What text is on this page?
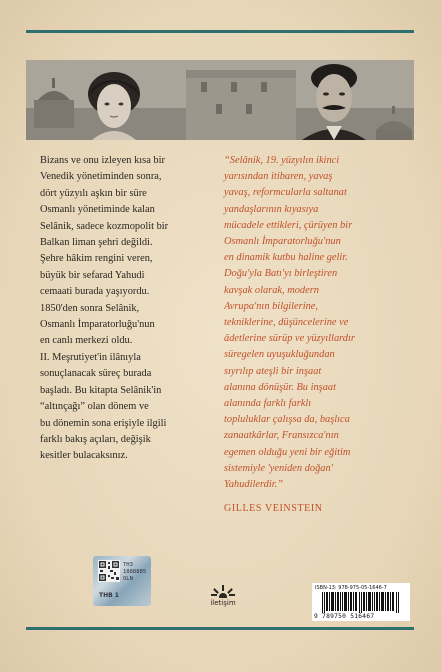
Bizans ve onu izleyen kısa bir

Venedik yönetiminden sonra,

dört yüzyılı aşkın bir süre

Osmanlı yönetiminde kalan

Selânik, sadece kozmopolit bir

Balkan liman şehri değildi.

Şehre hâkim rengini veren,

büyük bir sefarad Yahudi

cemaati burada yaşıyordu.

1850'den sonra Selânik,

Osmanlı İmparatorluğu'nun

en canlı merkezi oldu.

II. Meşrutiyet'in ilânıyla

sonuçlanacak süreç burada

başladı. Bu kitapta Selânik'in

“altınçağı” olan dönem ve

bu dönemin sona erişiyle ilgili

farklı bakış açıları, değişik

kesitler bulacaksınız.

“Selânik, 19. yüzyılın ikinci

yarısından itibaren, yavaş

yavaş, reformcularla saltanat

yandaşlarının kıyasıya

mücadele ettikleri, çürüyen bir

Osmanlı İmparatorluğu'nun

en dinamik kutbu haline gelir.

Doğu'yla Batı'yı birleştiren

kavşak olarak, modern

Avrupa'nın bilgilerine,

tekniklerine, düşüncelerine ve

âdetlerine sürüp ve yüzyıllardır

süregelen uyuşukluğundan

sıyrılıp ateşli bir inşaat

alanına dönüşür. Bu inşaat

alanında farklı farklı

topluluklar çalışsa da, başlıca

zanaatkârlar, Fransızca'nın

egemen olduğu yeni bir eğitim

sistemiyle 'yeniden doğan'

Yahudilerdir.”

GILLES VEINSTEIN
TH3
1888885
OLN
THB 1
iletişim
ISBN-13: 978-975-05-1646-7
9 789750 516467
